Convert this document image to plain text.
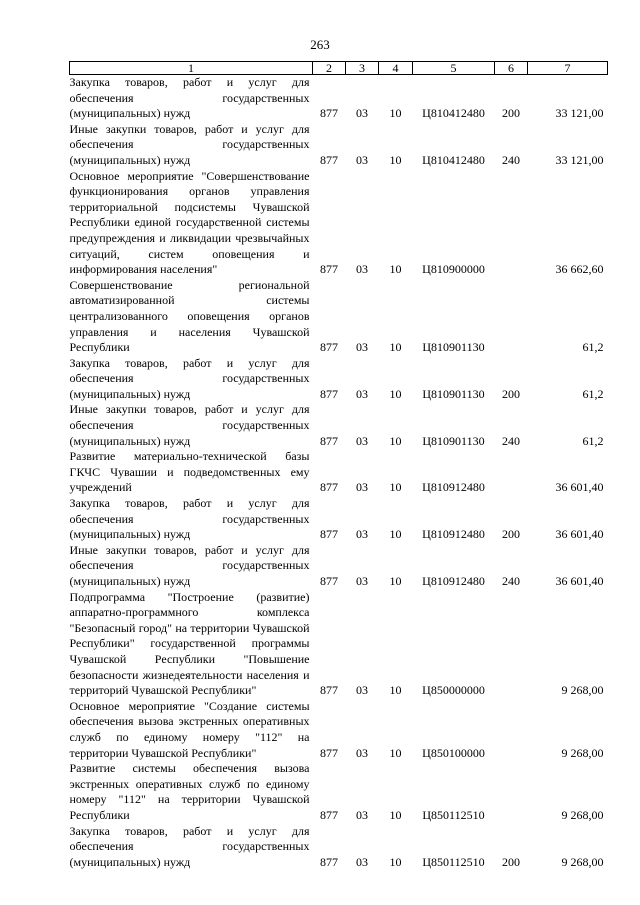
263
1	2	3	4	5	6	7
Закупка товаров, работ и услуг для обеспечения государственных (муниципальных) нужд	877	03	10	Ц810412480	200	33 121,00
Иные закупки товаров, работ и услуг для обеспечения государственных (муниципальных) нужд	877	03	10	Ц810412480	240	33 121,00
Основное мероприятие "Совершенствование функционирования органов управления территориальной подсистемы Чувашской Республики единой государственной системы предупреждения и ликвидации чрезвычайных ситуаций, систем оповещения и информирования населения"	877	03	10	Ц810900000		36 662,60
Совершенствование региональной автоматизированной системы централизованного оповещения органов управления и населения Чувашской Республики	877	03	10	Ц810901130		61,2
Закупка товаров, работ и услуг для обеспечения государственных (муниципальных) нужд	877	03	10	Ц810901130	200	61,2
Иные закупки товаров, работ и услуг для обеспечения государственных (муниципальных) нужд	877	03	10	Ц810901130	240	61,2
Развитие материально-технической базы ГКЧС Чувашии и подведомственных ему учреждений	877	03	10	Ц810912480		36 601,40
Закупка товаров, работ и услуг для обеспечения государственных (муниципальных) нужд	877	03	10	Ц810912480	200	36 601,40
Иные закупки товаров, работ и услуг для обеспечения государственных (муниципальных) нужд	877	03	10	Ц810912480	240	36 601,40
Подпрограмма "Построение (развитие) аппаратно-программного комплекса "Безопасный город" на территории Чувашской Республики" государственной программы Чувашской Республики "Повышение безопасности жизнедеятельности населения и территорий Чувашской Республики"	877	03	10	Ц850000000		9 268,00
Основное мероприятие "Создание системы обеспечения вызова экстренных оперативных служб по единому номеру "112" на территории Чувашской Республики"	877	03	10	Ц850100000		9 268,00
Развитие системы обеспечения вызова экстренных оперативных служб по единому номеру "112" на территории Чувашской Республики	877	03	10	Ц850112510		9 268,00
Закупка товаров, работ и услуг для обеспечения государственных (муниципальных) нужд	877	03	10	Ц850112510	200	9 268,00
